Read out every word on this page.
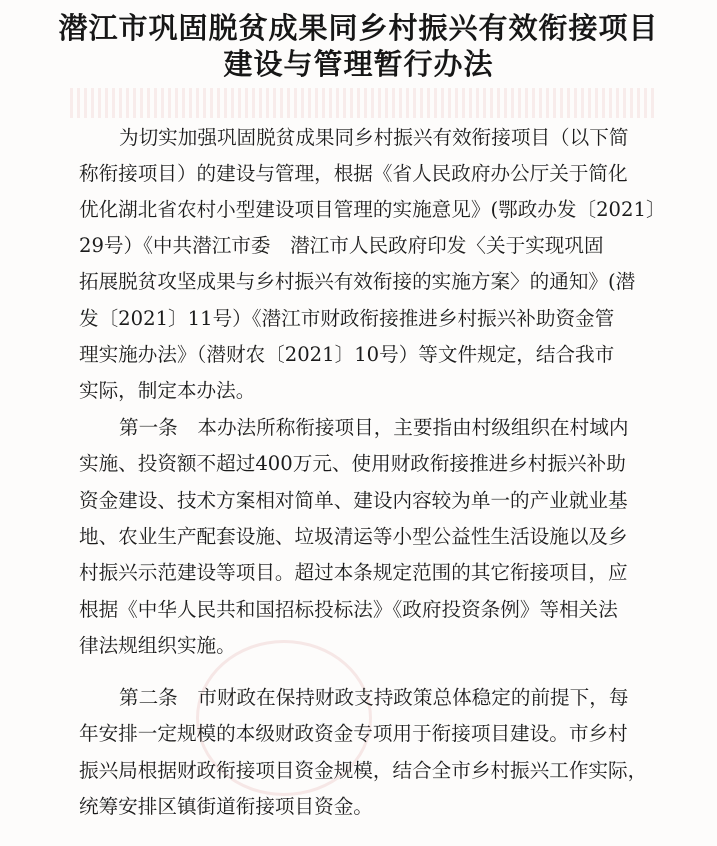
潜江市巩固脱贫成果同乡村振兴有效衔接项目
建设与管理暂行办法
为切实加强巩固脱贫成果同乡村振兴有效衔接项目（以下简
称衔接项目）的建设与管理，根据《省人民政府办公厅关于简化
优化湖北省农村小型建设项目管理的实施意见》(鄂政办发〔2021〕
29号）《中共潜江市委　潜江市人民政府印发〈关于实现巩固
拓展脱贫攻坚成果与乡村振兴有效衔接的实施方案〉的通知》(潜
发〔2021〕11号）《潜江市财政衔接推进乡村振兴补助资金管
理实施办法》（潜财农〔2021〕10号）等文件规定，结合我市
实际，制定本办法。
第一条　本办法所称衔接项目，主要指由村级组织在村域内
实施、投资额不超过400万元、使用财政衔接推进乡村振兴补助
资金建设、技术方案相对简单、建设内容较为单一的产业就业基
地、农业生产配套设施、垃圾清运等小型公益性生活设施以及乡
村振兴示范建设等项目。超过本条规定范围的其它衔接项目，应
根据《中华人民共和国招标投标法》《政府投资条例》等相关法
律法规组织实施。
第二条　市财政在保持财政支持政策总体稳定的前提下，每
年安排一定规模的本级财政资金专项用于衔接项目建设。市乡村
振兴局根据财政衔接项目资金规模，结合全市乡村振兴工作实际，
统筹安排区镇街道衔接项目资金。
